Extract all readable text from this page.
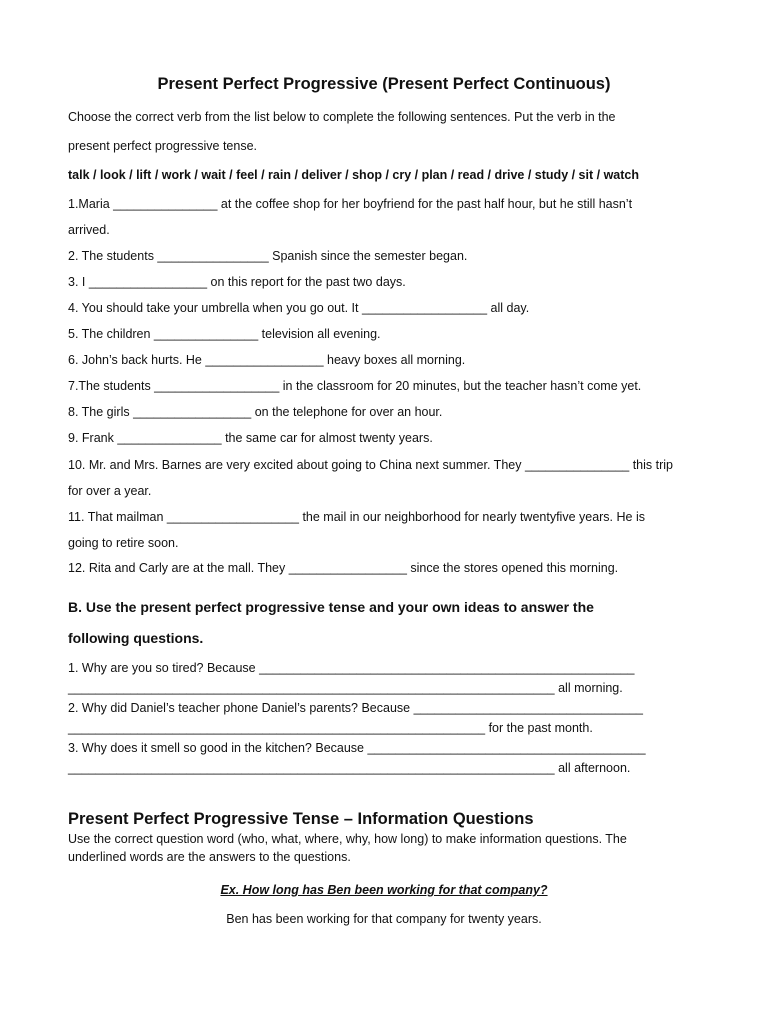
Present Perfect Progressive (Present Perfect Continuous)
Choose the correct verb from the list below to complete the following sentences. Put the verb in the
present perfect progressive tense.
talk / look / lift / work / wait / feel / rain / deliver / shop / cry / plan / read / drive / study / sit / watch
1.Maria _______________ at the coffee shop for her boyfriend for the past half hour, but he still hasn’t
arrived.
2. The students ________________ Spanish since the semester began.
3. I _________________ on this report for the past two days.
4. You should take your umbrella when you go out. It __________________ all day.
5. The children _______________ television all evening.
6. John’s back hurts. He _________________ heavy boxes all morning.
7.The students __________________ in the classroom for 20 minutes, but the teacher hasn’t come yet.
8. The girls _________________ on the telephone for over an hour.
9. Frank _______________ the same car for almost twenty years.
10. Mr. and Mrs. Barnes are very excited about going to China next summer. They _______________ this trip
for over a year.
11. That mailman ___________________ the mail in our neighborhood for nearly twentyfive years. He is
going to retire soon.
12. Rita and Carly are at the mall. They _________________ since the stores opened this morning.
B. Use the present perfect progressive tense and your own ideas to answer the
following questions.
1. Why are you so tired? Because ______________________________________________________
______________________________________________________________________ all morning.
2. Why did Daniel’s teacher phone Daniel’s parents? Because _________________________________
____________________________________________________________ for the past month.
3. Why does it smell so good in the kitchen? Because ________________________________________
______________________________________________________________________ all afternoon.
Present Perfect Progressive Tense – Information Questions
Use the correct question word (who, what, where, why, how long) to make information questions. The
underlined words are the answers to the questions.
Ex. How long has Ben been working for that company?
Ben has been working for that company for twenty years.
